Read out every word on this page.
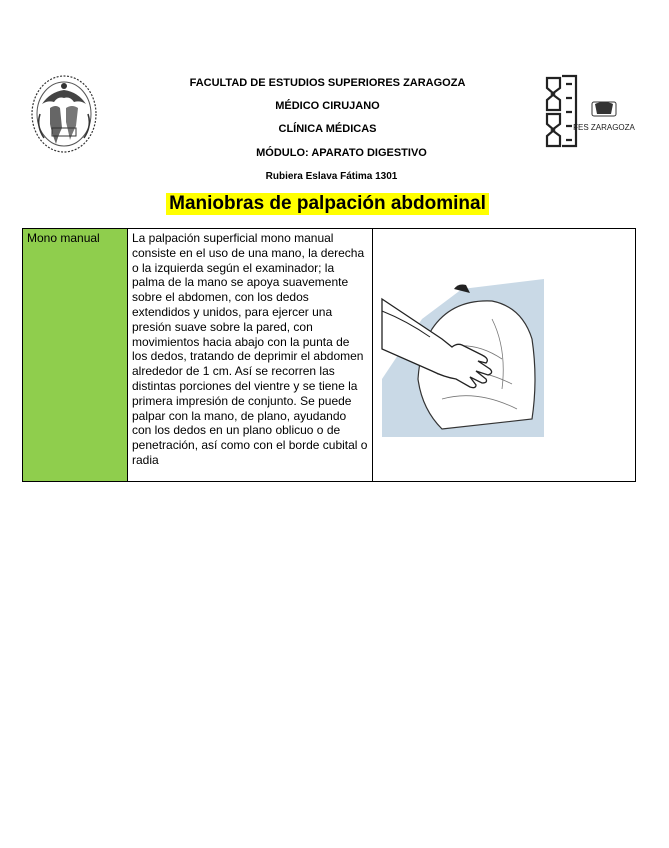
FES ZARAGOZA
FACULTAD DE ESTUDIOS SUPERIORES ZARAGOZA
MÉDICO CIRUJANO
CLÍNICA MÉDICAS
MÓDULO: APARATO DIGESTIVO
Rubiera Eslava Fátima 1301
Maniobras de palpación abdominal
Mono manual	La palpación superficial mono manual consiste en el uso de una mano, la derecha o la izquierda según el examinador; la palma de la mano se apoya suavemente sobre el abdomen, con los dedos extendidos y unidos, para ejercer una presión suave sobre la pared, con movimientos hacia abajo con la punta de los dedos, tratando de deprimir el abdomen alrededor de 1 cm. Así se recorren las distintas porciones del vientre y se tiene la primera impresión de conjunto. Se puede palpar con la mano, de plano, ayudando con los dedos en un plano oblicuo o de penetración, así como con el borde cubital o radia
